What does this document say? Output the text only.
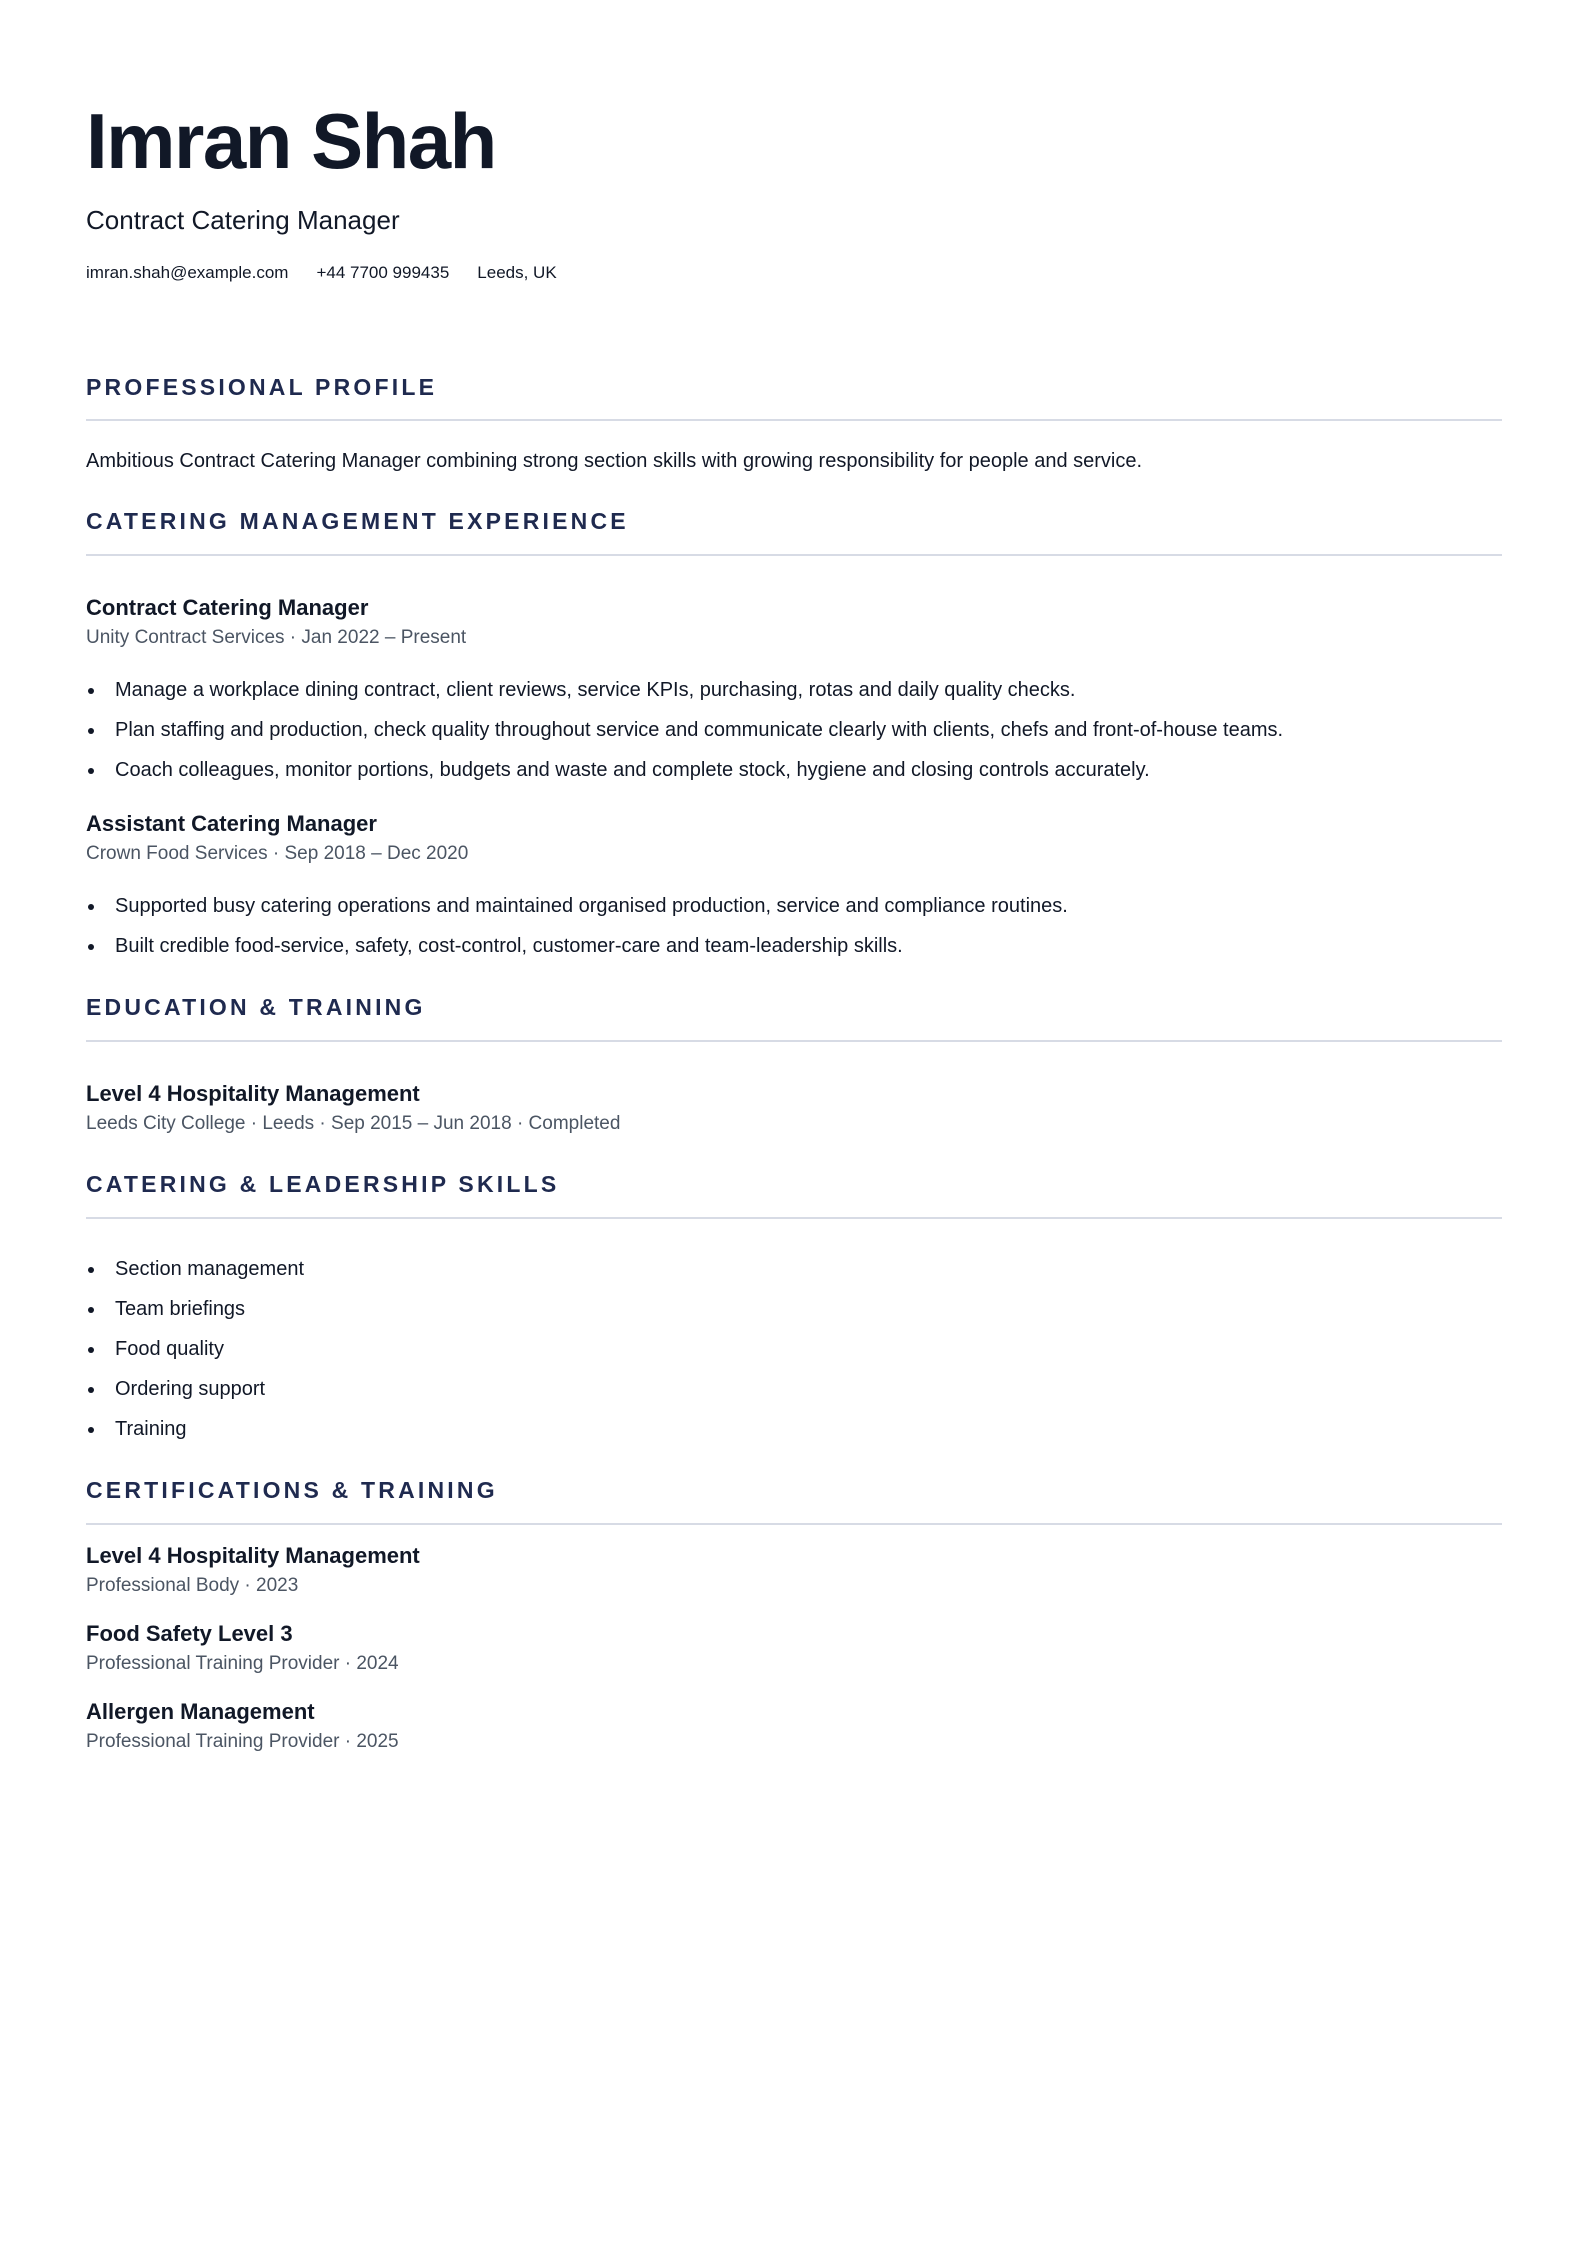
Imran Shah
Contract Catering Manager
imran.shah@example.com +44 7700 999435 Leeds, UK
PROFESSIONAL PROFILE
Ambitious Contract Catering Manager combining strong section skills with growing responsibility for people and service.
CATERING MANAGEMENT EXPERIENCE
Contract Catering Manager
Unity Contract Services · Jan 2022 – Present
Manage a workplace dining contract, client reviews, service KPIs, purchasing, rotas and daily quality checks.
Plan staffing and production, check quality throughout service and communicate clearly with clients, chefs and front-of-house teams.
Coach colleagues, monitor portions, budgets and waste and complete stock, hygiene and closing controls accurately.
Assistant Catering Manager
Crown Food Services · Sep 2018 – Dec 2020
Supported busy catering operations and maintained organised production, service and compliance routines.
Built credible food-service, safety, cost-control, customer-care and team-leadership skills.
EDUCATION & TRAINING
Level 4 Hospitality Management
Leeds City College · Leeds · Sep 2015 – Jun 2018 · Completed
CATERING & LEADERSHIP SKILLS
Section management
Team briefings
Food quality
Ordering support
Training
CERTIFICATIONS & TRAINING
Level 4 Hospitality Management
Professional Body · 2023
Food Safety Level 3
Professional Training Provider · 2024
Allergen Management
Professional Training Provider · 2025
